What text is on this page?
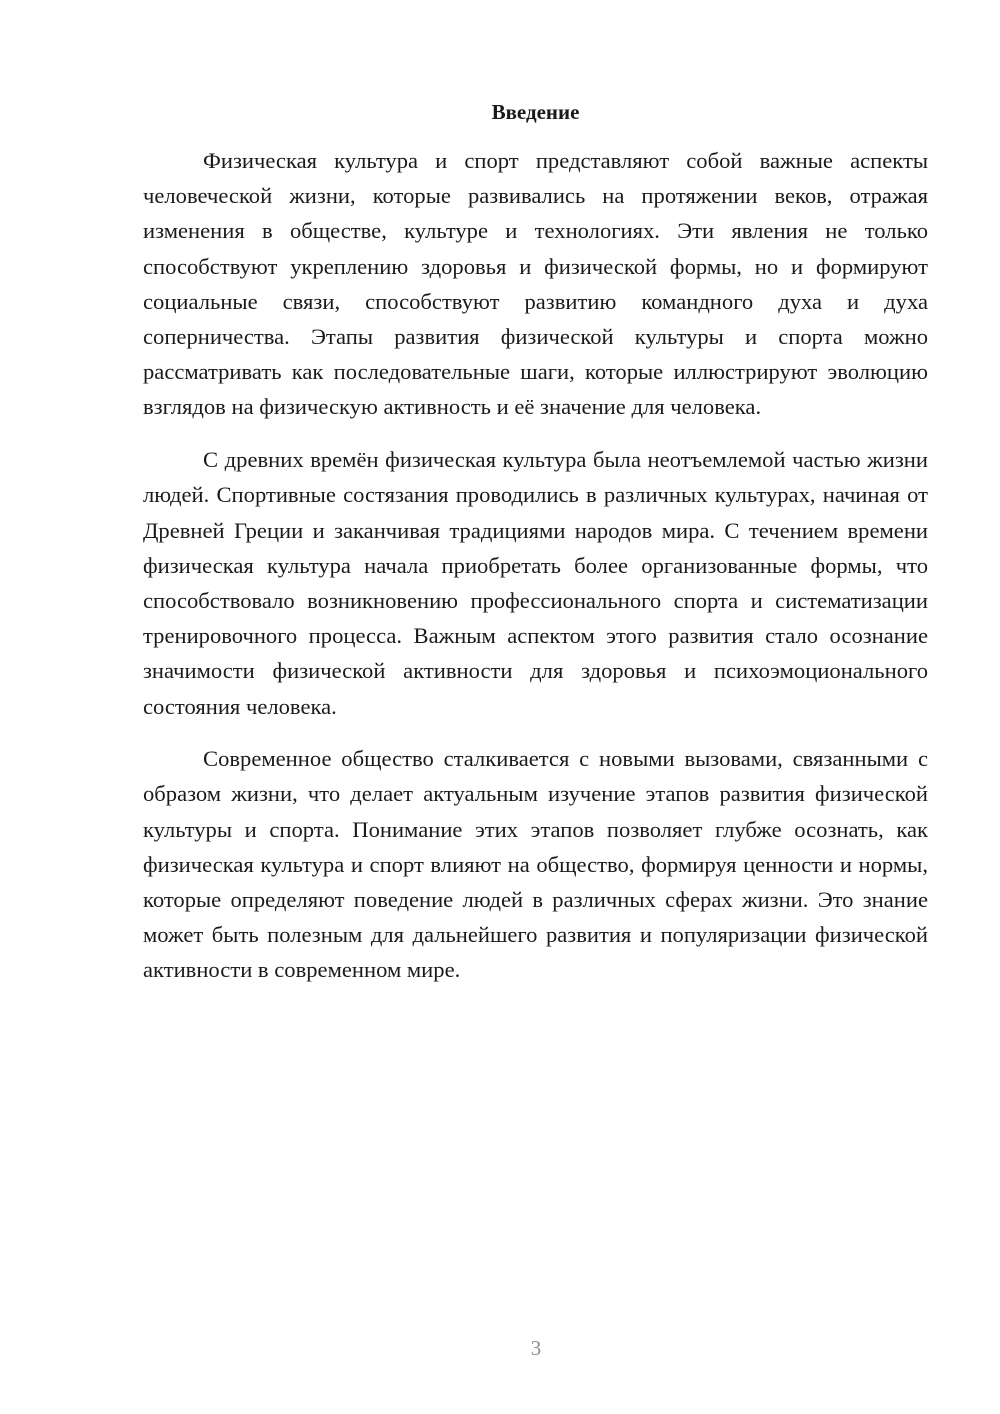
Введение

Физическая культура и спорт представляют собой важные аспекты человеческой жизни, которые развивались на протяжении веков, отражая изменения в обществе, культуре и технологиях. Эти явления не только способствуют укреплению здоровья и физической формы, но и формируют социальные связи, способствуют развитию командного духа и духа соперничества. Этапы развития физической культуры и спорта можно рассматривать как последовательные шаги, которые иллюстрируют эволюцию взглядов на физическую активность и её значение для человека.

С древних времён физическая культура была неотъемлемой частью жизни людей. Спортивные состязания проводились в различных культурах, начиная от Древней Греции и заканчивая традициями народов мира. С течением времени физическая культура начала приобретать более организованные формы, что способствовало возникновению профессионального спорта и систематизации тренировочного процесса. Важным аспектом этого развития стало осознание значимости физической активности для здоровья и психоэмоционального состояния человека.

Современное общество сталкивается с новыми вызовами, связанными с образом жизни, что делает актуальным изучение этапов развития физической культуры и спорта. Понимание этих этапов позволяет глубже осознать, как физическая культура и спорт влияют на общество, формируя ценности и нормы, которые определяют поведение людей в различных сферах жизни. Это знание может быть полезным для дальнейшего развития и популяризации физической активности в современном мире.

3
